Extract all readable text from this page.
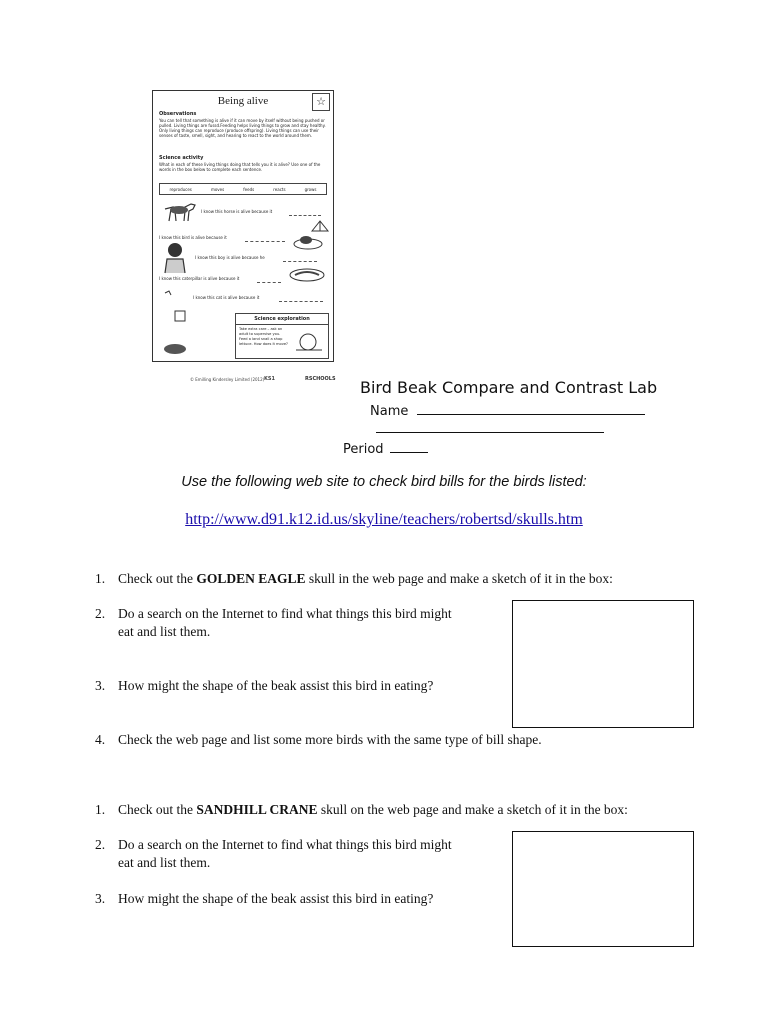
Being alive	☆
Observations
You can tell that something is alive if it can move by itself without being pushed or pulled. Living things are fussd.Feeding helps living things to grow and stay healthy. Only living things can reproduce (produce offspring). Living things can use their senses of taste, smell, sight, and hearing to react to the world around them.
Science activity
What in each of these living things doing that tells you it is alive? Use one of the words in the box below to complete each sentence.
reproduces	moves	feeds	reacts	grows
I know this horse is alive because it
I know this bird is alive because it
I know this boy is alive because he
I know this caterpillar is alive because it
I know this cat is alive because it
Science exploration
Take extra care – ask an adult to supervise you. Feed a land snail a shop lettuce. How does it move?
© Emilling Kindersley Limited (2012) KS1	RSCHOOLS Bird Beak Compare and Contrast Lab
Name
Period
Use the following web site to check bird bills for the birds listed:
http://www.d91.k12.id.us/skyline/teachers/robertsd/skulls.htm
1. Check out the GOLDEN EAGLE skull in the web page and make a sketch of it in the box:
2. Do a search on the Internet to find what things this bird might
eat and list them.
3. How might the shape of the beak assist this bird in eating?
4. Check the web page and list some more birds with the same type of bill shape.
1. Check out the SANDHILL CRANE skull on the web page and make a sketch of it in the box:
2. Do a search on the Internet to find what things this bird might
eat and list them.
3. How might the shape of the beak assist this bird in eating?
